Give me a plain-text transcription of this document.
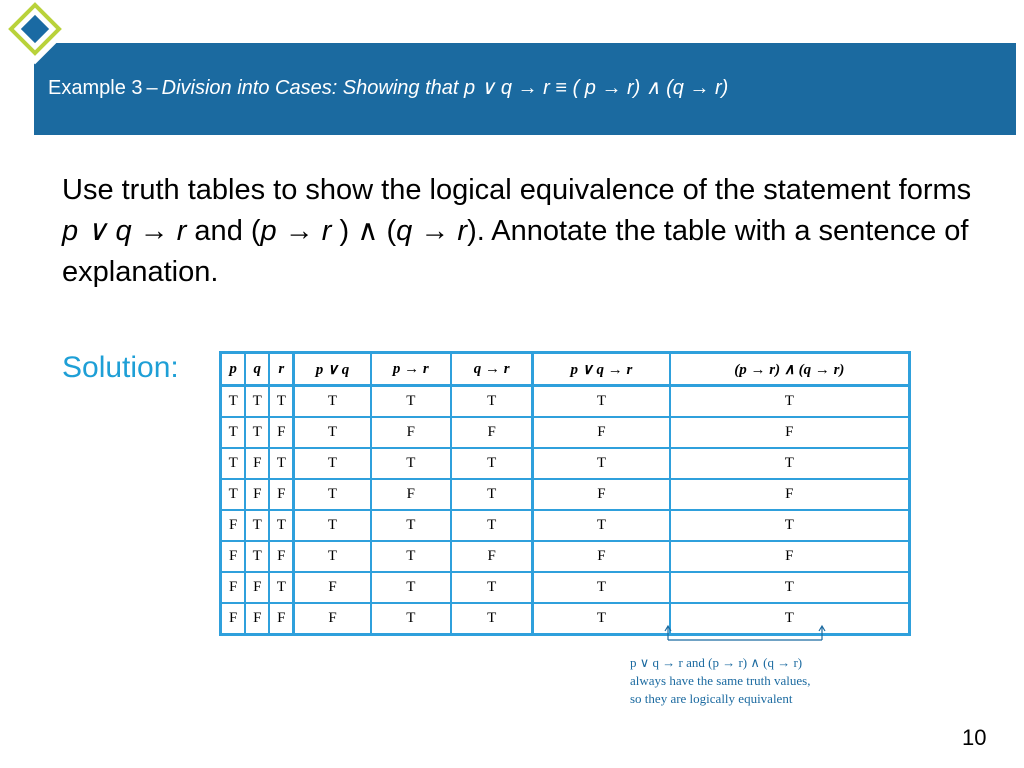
Example 3 – Division into Cases: Showing that p ∨ q → r ≡ ( p → r) ∧ (q → r)
Use truth tables to show the logical equivalence of the statement forms p ∨ q → r and (p → r ) ∧ (q → r). Annotate the table with a sentence of explanation.
Solution:	p	q	r	p ∨ q	p → r	q → r	p ∨ q → r	(p → r) ∧ (q → r)
T	T	T	T	T	T	T	T
T	T	F	T	F	F	F	F
T	F	T	T	T	T	T	T
T	F	F	T	F	T	F	F
F	T	T	T	T	T	T	T
F	T	F	T	T	F	F	F
F	F	T	F	T	T	T	T
F	F	F	F	T	T	T	T
p ∨ q → r and (p → r) ∧ (q → r)
always have the same truth values,
so they are logically equivalent
10
